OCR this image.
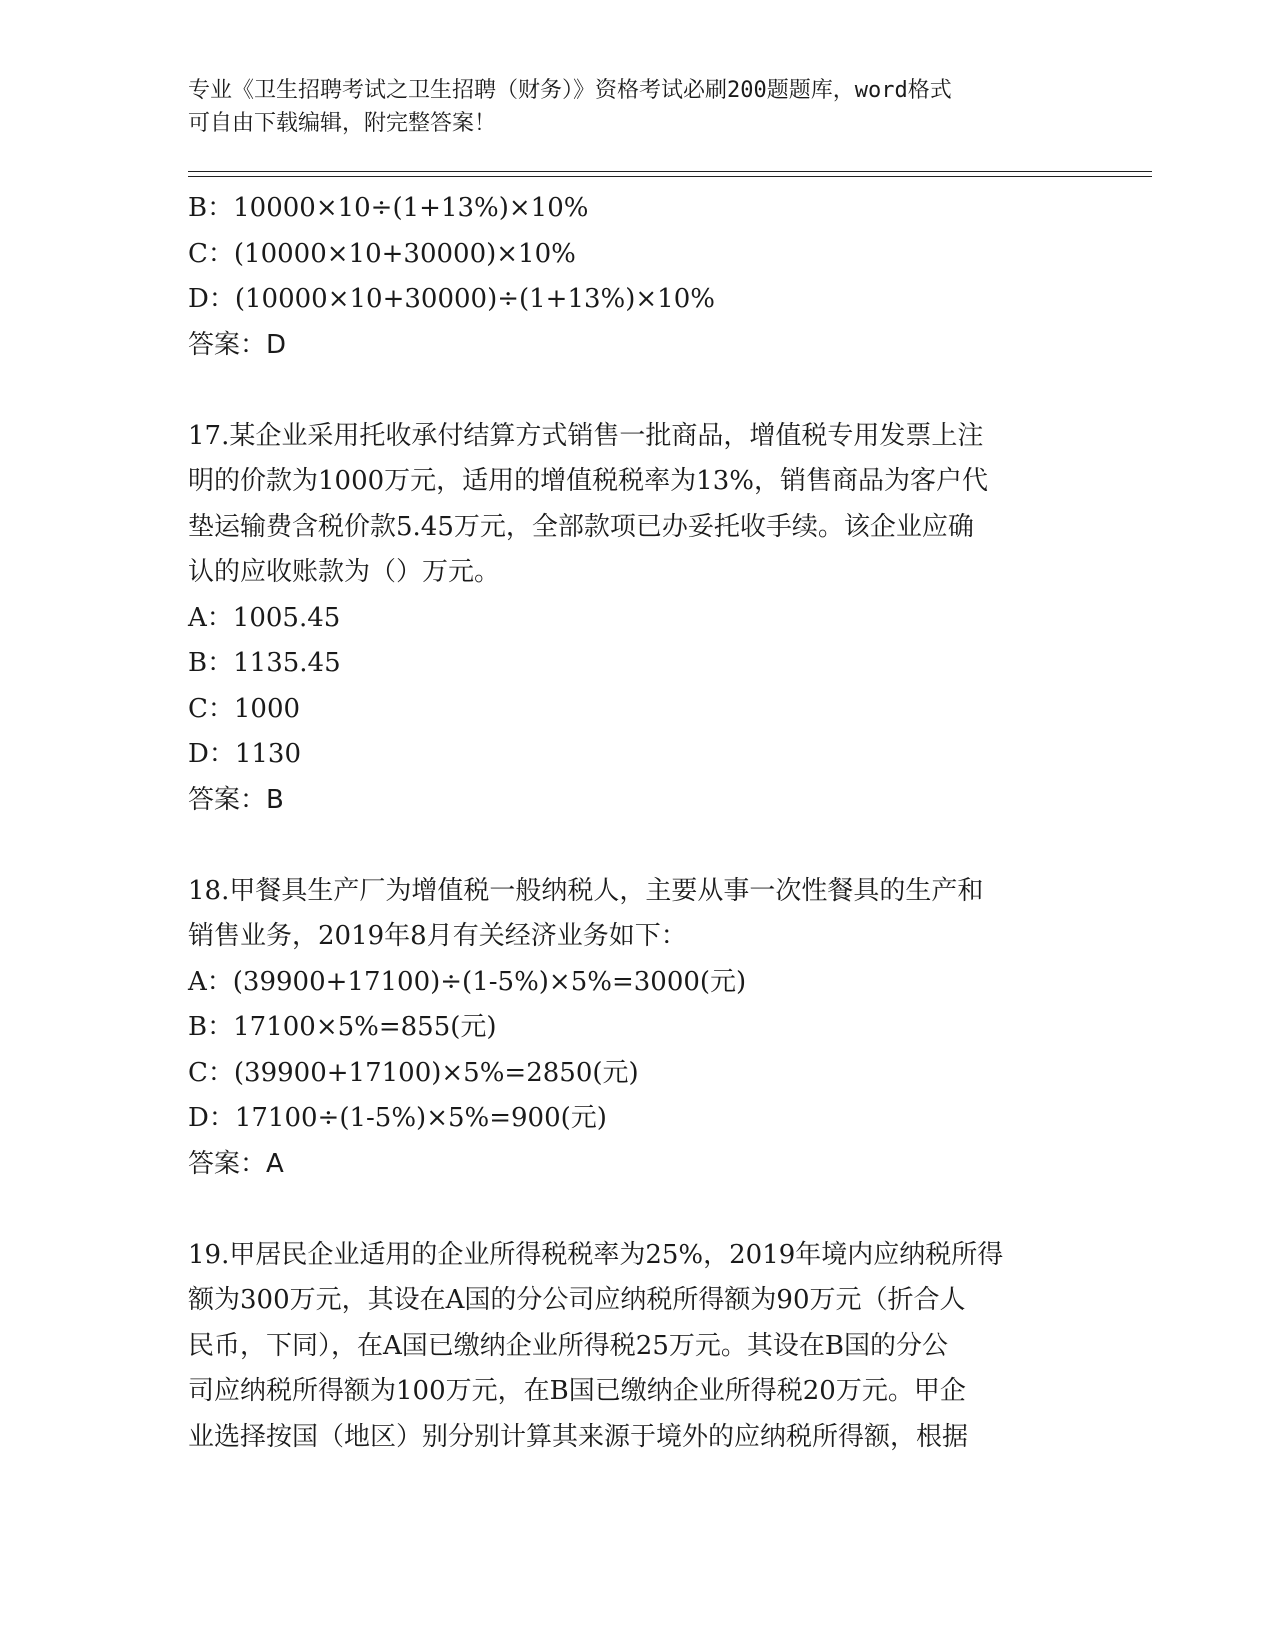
专业《卫生招聘考试之卫生招聘（财务）》资格考试必刷200题题库，word格式
可自由下载编辑，附完整答案！
B：10000×10÷(1+13%)×10%
C：(10000×10+30000)×10%
D：(10000×10+30000)÷(1+13%)×10%
答案：D
17.某企业采用托收承付结算方式销售一批商品，增值税专用发票上注
明的价款为1000万元，适用的增值税税率为13%，销售商品为客户代
垫运输费含税价款5.45万元，全部款项已办妥托收手续。该企业应确
认的应收账款为（）万元。
A：1005.45
B：1135.45
C：1000
D：1130
答案：B
18.甲餐具生产厂为增值税一般纳税人，主要从事一次性餐具的生产和
销售业务，2019年8月有关经济业务如下：
A：(39900+17100)÷(1-5%)×5%=3000(元)
B：17100×5%=855(元)
C：(39900+17100)×5%=2850(元)
D：17100÷(1-5%)×5%=900(元)
答案：A
19.甲居民企业适用的企业所得税税率为25%，2019年境内应纳税所得
额为300万元，其设在A国的分公司应纳税所得额为90万元（折合人
民币，下同），在A国已缴纳企业所得税25万元。其设在B国的分公
司应纳税所得额为100万元，在B国已缴纳企业所得税20万元。甲企
业选择按国（地区）别分别计算其来源于境外的应纳税所得额，根据
